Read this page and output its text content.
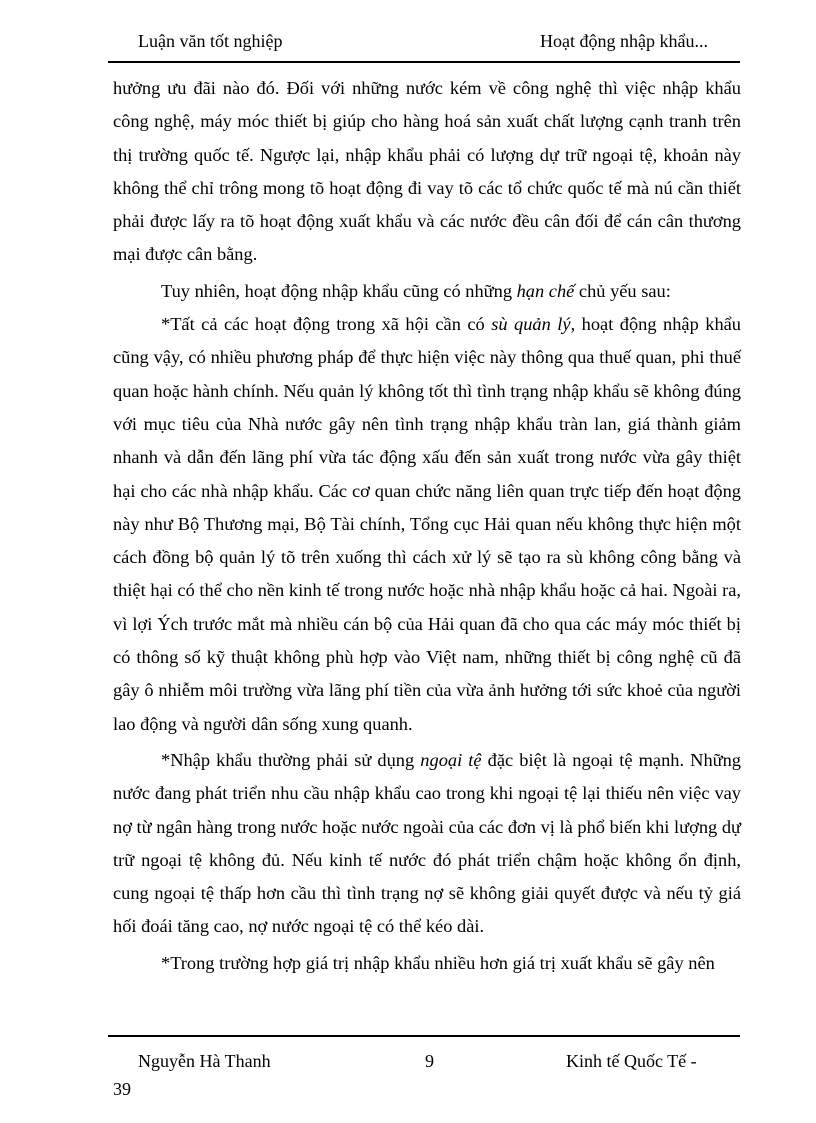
Luận văn tốt nghiệp	Hoạt động nhập khẩu...

hưởng ưu đãi nào đó. Đối với những nước kém về công nghệ thì việc nhập khẩu công nghệ, máy móc thiết bị giúp cho hàng hoá sản xuất chất lượng cạnh tranh trên thị trường quốc tế. Ngược lại, nhập khẩu phải có lượng dự trữ ngoại tệ, khoản này không thể chỉ trông mong tõ hoạt động đi vay tõ các tổ chức quốc tế mà nú cần thiết phải được lấy ra tõ hoạt động xuất khẩu và các nước đều cân đối để cán cân thương mại được cân bằng.

Tuy nhiên, hoạt động nhập khẩu cũng có những hạn chế chủ yếu sau:

*Tất cả các hoạt động trong xã hội cần có sù quản lý, hoạt động nhập khẩu cũng vậy, có nhiều phương pháp để thực hiện việc này thông qua thuế quan, phi thuế quan hoặc hành chính. Nếu quản lý không tốt thì tình trạng nhập khẩu sẽ không đúng với mục tiêu của Nhà nước gây nên tình trạng nhập khẩu tràn lan, giá thành giảm nhanh và dẫn đến lãng phí vừa tác động xấu đến sản xuất trong nước vừa gây thiệt hại cho các nhà nhập khẩu. Các cơ quan chức năng liên quan trực tiếp đến hoạt động này như Bộ Thương mại, Bộ Tài chính, Tổng cục Hải quan nếu không thực hiện một cách đồng bộ quản lý tõ trên xuống thì cách xử lý sẽ tạo ra sù không công bằng và thiệt hại có thể cho nền kinh tế trong nước hoặc nhà nhập khẩu hoặc cả hai. Ngoài ra, vì lợi Ých trước mắt mà nhiều cán bộ của Hải quan đã cho qua các máy móc thiết bị có thông số kỹ thuật không phù hợp vào Việt nam, những thiết bị công nghệ cũ đã gây ô nhiễm môi trường vừa lãng phí tiền của vừa ảnh hưởng tới sức khoẻ của người lao động và người dân sống xung quanh.

*Nhập khẩu thường phải sử dụng ngoại tệ đặc biệt là ngoại tệ mạnh. Những nước đang phát triển nhu cầu nhập khẩu cao trong khi ngoại tệ lại thiếu nên việc vay nợ từ ngân hàng trong nước hoặc nước ngoài của các đơn vị là phổ biến khi lượng dự trữ ngoại tệ không đủ. Nếu kinh tế nước đó phát triển chậm hoặc không ổn định, cung ngoại tệ thấp hơn cầu thì tình trạng nợ sẽ không giải quyết được và nếu tỷ giá hối đoái tăng cao, nợ nước ngoại tệ có thể kéo dài.

*Trong trường hợp giá trị nhập khẩu nhiều hơn giá trị xuất khẩu sẽ gây nên

Nguyễn Hà Thanh	9	Kinh tế Quốc Tế -
39
